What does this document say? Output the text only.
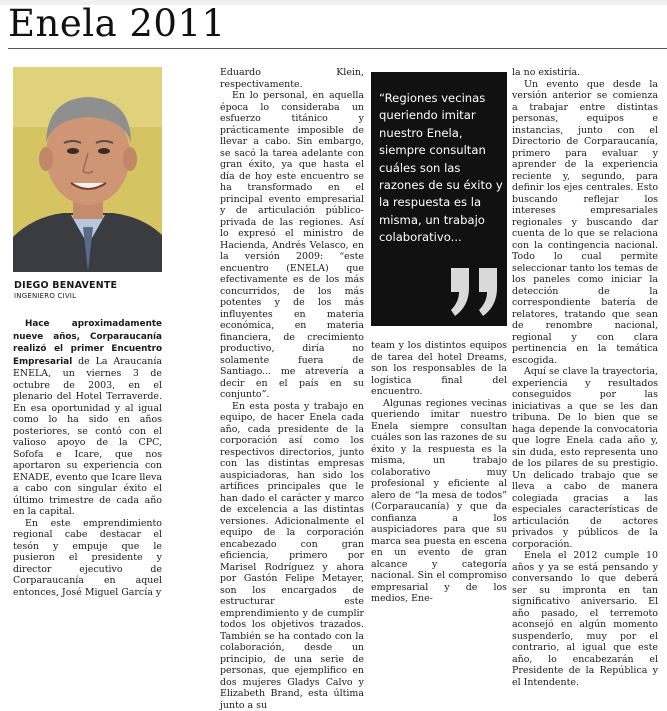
Enela 2011
DIEGO BENAVENTE
INGENIERO CIVIL

Hace aproximadamente nueve años, Corparaucanía realizó el primer Encuentro Empresarial de La Araucanía ENELA, un viernes 3 de octubre de 2003, en el plenario del Hotel Terraverde. En esa oportunidad y al igual como lo ha sido en años posteriores, se contó con el valioso apoyo de la CPC, Sofofa e Icare, que nos aportaron su experiencia con ENADE, evento que Icare lleva a cabo con singular éxito el último trimestre de cada año en la capital.

En este emprendimiento regional cabe destacar el tesón y empuje que le pusieron el presidente y director ejecutivo de Corparaucanía en aquel entonces, José Miguel García y

Eduardo Klein, respectivamente.

En lo personal, en aquella época lo consideraba un esfuerzo titánico y prácticamente imposible de llevar a cabo. Sin embargo, se sacó la tarea adelante con gran éxito, ya que hasta el día de hoy este encuentro se ha transformado en el principal evento empresarial y de articulación público-privada de las regiones. Así lo expresó el ministro de Hacienda, Andrés Velasco, en la versión 2009: “este encuentro (ENELA) que efectivamente es de los más concurridos, de los más potentes y de los más influyentes en materia económica, en materia financiera, de crecimiento productivo, diría no solamente fuera de Santiago... me atrevería a decir en el país en su conjunto”.

En esta posta y trabajo en equipo, de hacer Enela cada año, cada presidente de la corporación así como los respectivos directorios, junto con las distintas empresas auspiciadoras, han sido los artífices principales que le han dado el carácter y marco de excelencia a las distintas versiones. Adicionalmente el equipo de la corporación encabezado con gran eficiencia, primero por Marisel Rodríguez y ahora por Gastón Felipe Metayer, son los encargados de estructurar este emprendimiento y de cumplir todos los objetivos trazados. También se ha contado con la colaboración, desde un principio, de una serie de personas, que ejemplifico en dos mujeres Gladys Calvo y Elizabeth Brand, esta última junto a su

“Regiones vecinas queriendo imitar nuestro Enela, siempre consultan cuáles son las razones de su éxito y la respuesta es la misma, un trabajo colaborativo...

team y los distintos equipos de tarea del hotel Dreams, son los responsables de la logística final del encuentro.

Algunas regiones vecinas queriendo imitar nuestro Enela siempre consultan cuáles son las razones de su éxito y la respuesta es la misma, un trabajo colaborativo muy profesional y eficiente al alero de “la mesa de todos” (Corparaucanía) y que da confianza a los auspiciadores para que su marca sea puesta en escena en un evento de gran alcance y categoría nacional. Sin el compromiso empresarial y de los medios, Ene-

la no existiría.

Un evento que desde la versión anterior se comienza a trabajar entre distintas personas, equipos e instancias, junto con el Directorio de Corparaucanía, primero para evaluar y aprender de la experiencia reciente y, segundo, para definir los ejes centrales. Esto buscando reflejar los intereses empresariales regionales y buscando dar cuenta de lo que se relaciona con la contingencia nacional. Todo lo cual permite seleccionar tanto los temas de los paneles como iniciar la detección de la correspondiente batería de relatores, tratando que sean de renombre nacional, regional y con clara pertinencia en la temática escogida.

Aquí se clave la trayectoria, experiencia y resultados conseguidos por las iniciativas a que se les dan tribuna. De lo bien que se haga depende la convocatoria que logre Enela cada año y, sin duda, esto representa uno de los pilares de su prestigio. Un delicado trabajo que se lleva a cabo de manera colegiada gracias a las especiales características de articulación de actores privados y públicos de la corporación.

Enela el 2012 cumple 10 años y ya se está pensando y conversando lo que deberá ser su impronta en tan significativo aniversario. El año pasado, el terremoto aconsejó en algún momento suspenderlo, muy por el contrario, al igual que este año, lo encabezarán el Presidente de la República y el Intendente.
